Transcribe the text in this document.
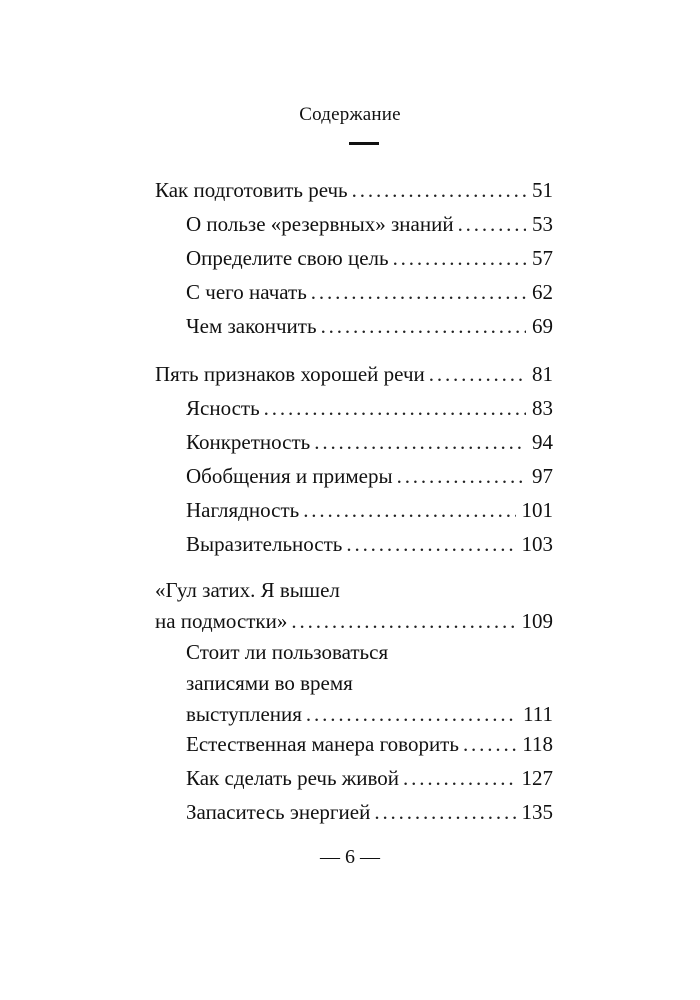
Содержание
Как подготовить речь . . .	51
О пользе «резервных» знаний . . .	53
Определите свою цель . . .	57
С чего начать . . .	62
Чем закончить . . .	69
Пять признаков хорошей речи . . .	81
Ясность . . .	83
Конкретность . . .	94
Обобщения и примеры . . .	97
Наглядность . . .	101
Выразительность . . .	103
«Гул затих. Я вышел
на подмостки» . . .	109
Стоит ли пользоваться
записями во время
выступления . . .	111
Естественная манера говорить . . .	118
Как сделать речь живой . . .	127
Запаситесь энергией . . .	135
— 6 —
